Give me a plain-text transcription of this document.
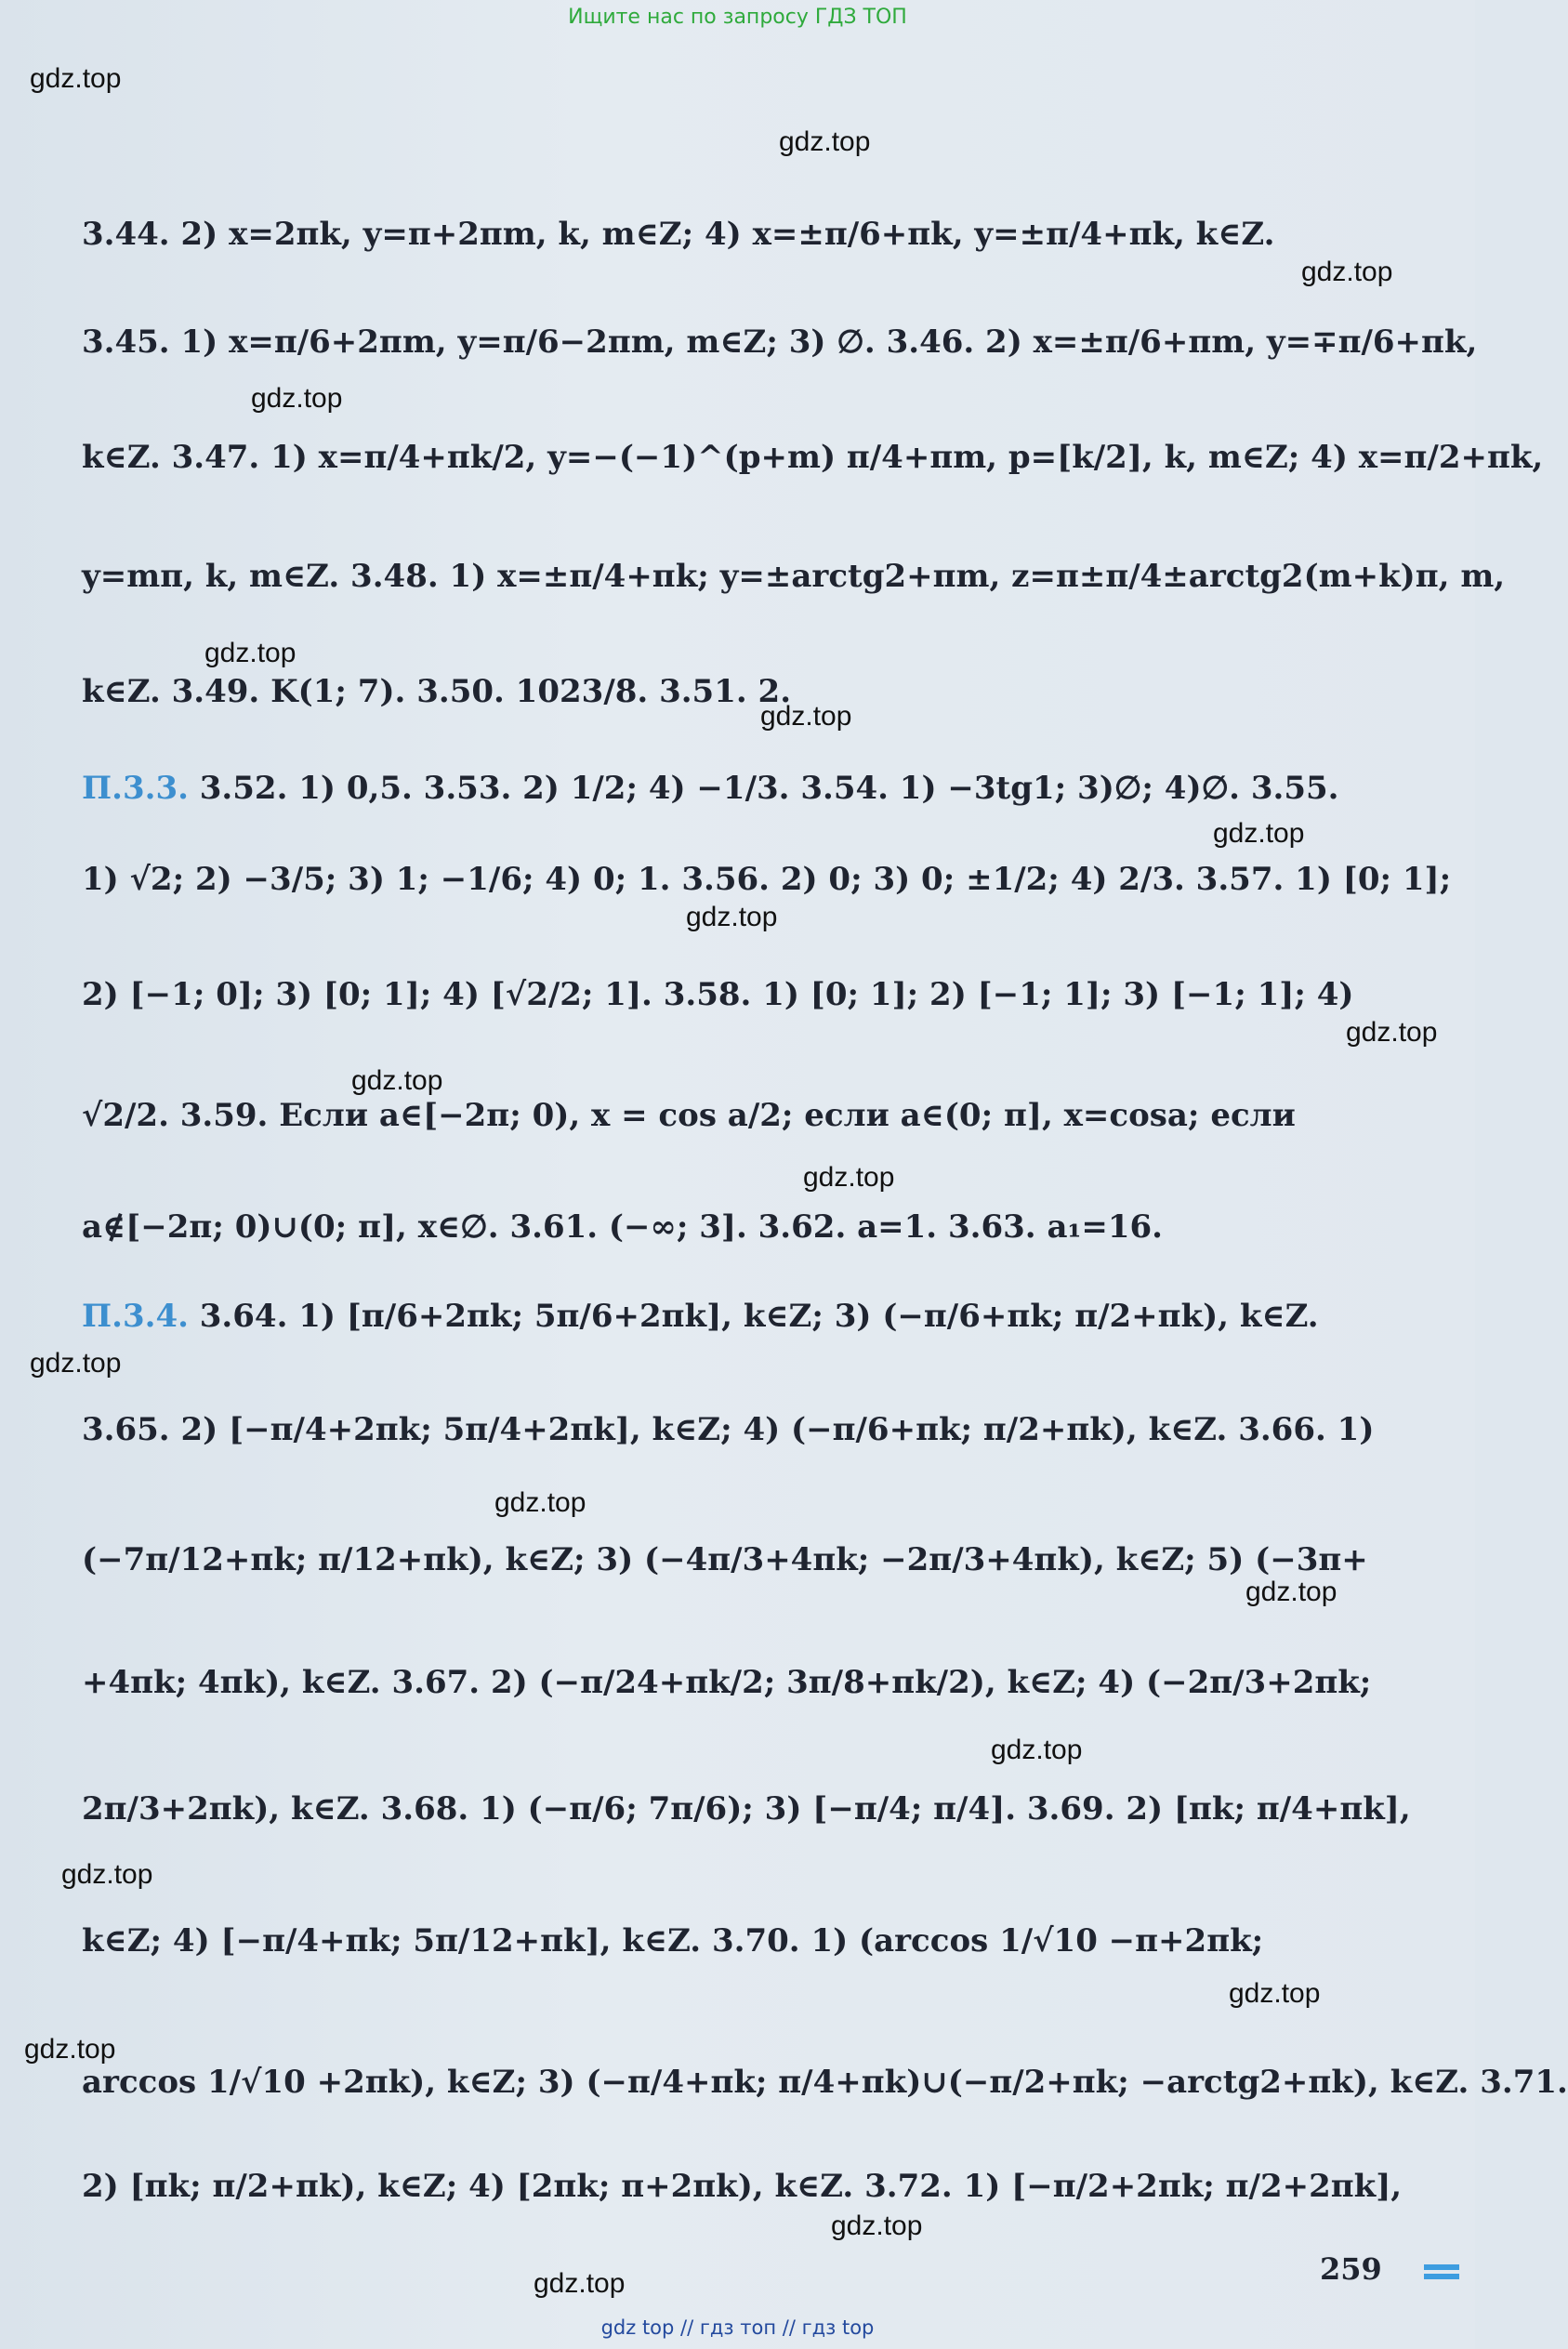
Ищите нас по запросу ГДЗ ТОП
gdz.top
gdz.top
gdz.top
gdz.top
gdz.top
gdz.top
gdz.top
gdz.top
gdz.top
gdz.top
gdz.top
gdz.top
gdz.top
gdz.top
gdz.top
gdz.top
gdz.top
gdz.top
gdz.top
gdz.top
3.44. 2) x=2πk, y=π+2πm, k, m∈Z; 4) x=±π/6+πk, y=±π/4+πk, k∈Z.
3.45. 1) x=π/6+2πm, y=π/6−2πm, m∈Z; 3) ∅. 3.46. 2) x=±π/6+πm, y=∓π/6+πk,
k∈Z. 3.47. 1) x=π/4+πk/2, y=−(−1)^(p+m) π/4+πm, p=[k/2], k, m∈Z; 4) x=π/2+πk,
y=mπ, k, m∈Z. 3.48. 1) x=±π/4+πk; y=±arctg2+πm, z=π±π/4±arctg2(m+k)π, m,
k∈Z. 3.49. K(1; 7). 3.50. 1023/8. 3.51. 2.
П.3.3. 3.52. 1) 0,5. 3.53. 2) 1/2; 4) −1/3. 3.54. 1) −3tg1; 3)∅; 4)∅. 3.55.
1) √2; 2) −3/5; 3) 1; −1/6; 4) 0; 1. 3.56. 2) 0; 3) 0; ±1/2; 4) 2/3. 3.57. 1) [0; 1];
2) [−1; 0]; 3) [0; 1]; 4) [√2/2; 1]. 3.58. 1) [0; 1]; 2) [−1; 1]; 3) [−1; 1]; 4)
√2/2. 3.59. Если a∈[−2π; 0), x = cos a/2; если a∈(0; π], x=cosa; если
a∉[−2π; 0)∪(0; π], x∈∅. 3.61. (−∞; 3]. 3.62. a=1. 3.63. a₁=16.
П.3.4. 3.64. 1) [π/6+2πk; 5π/6+2πk], k∈Z; 3) (−π/6+πk; π/2+πk), k∈Z.
3.65. 2) [−π/4+2πk; 5π/4+2πk], k∈Z; 4) (−π/6+πk; π/2+πk), k∈Z. 3.66. 1)
(−7π/12+πk; π/12+πk), k∈Z; 3) (−4π/3+4πk; −2π/3+4πk), k∈Z; 5) (−3π+
+4πk; 4πk), k∈Z. 3.67. 2) (−π/24+πk/2; 3π/8+πk/2), k∈Z; 4) (−2π/3+2πk;
2π/3+2πk), k∈Z. 3.68. 1) (−π/6; 7π/6); 3) [−π/4; π/4]. 3.69. 2) [πk; π/4+πk],
k∈Z; 4) [−π/4+πk; 5π/12+πk], k∈Z. 3.70. 1) (arccos 1/√10 −π+2πk;
arccos 1/√10 +2πk), k∈Z; 3) (−π/4+πk; π/4+πk)∪(−π/2+πk; −arctg2+πk), k∈Z. 3.71.
2) [πk; π/2+πk), k∈Z; 4) [2πk; π+2πk), k∈Z. 3.72. 1) [−π/2+2πk; π/2+2πk],
259
gdz top // гдз топ // гдз top
